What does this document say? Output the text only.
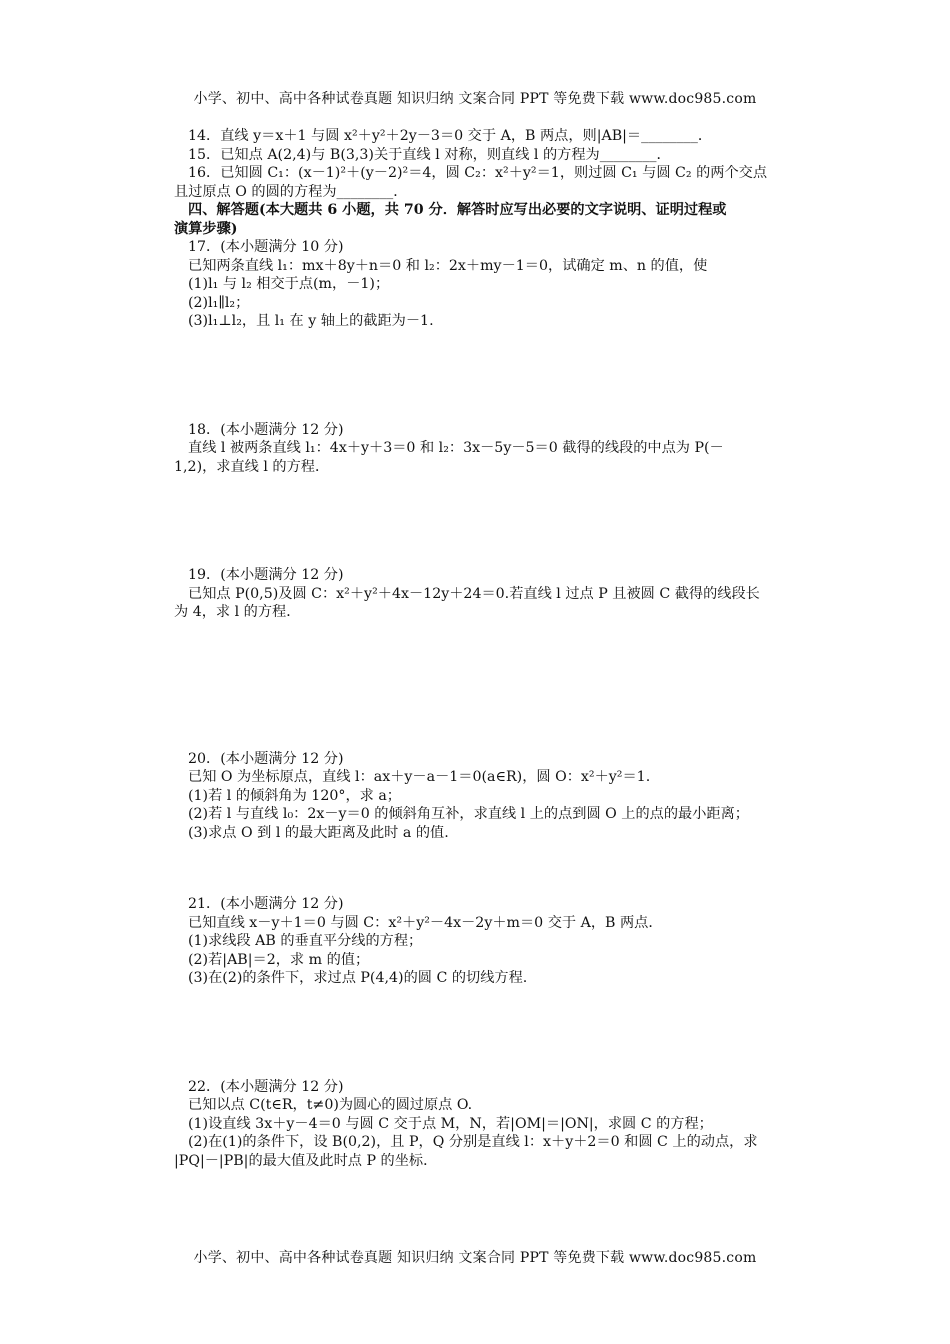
小学、初中、高中各种试卷真题 知识归纳 文案合同 PPT 等免费下载 www.doc985.com
14．直线 y＝x＋1 与圆 x²＋y²＋2y－3＝0 交于 A，B 两点，则|AB|＝________．
15．已知点 A(2,4)与 B(3,3)关于直线 l 对称，则直线 l 的方程为________．
16．已知圆 C₁：(x－1)²＋(y－2)²＝4，圆 C₂：x²＋y²＝1，则过圆 C₁ 与圆 C₂ 的两个交点
且过原点 O 的圆的方程为________．
四、解答题(本大题共 6 小题，共 70 分．解答时应写出必要的文字说明、证明过程或
演算步骤)
17．(本小题满分 10 分)
已知两条直线 l₁：mx＋8y＋n＝0 和 l₂：2x＋my－1＝0，试确定 m、n 的值，使
(1)l₁ 与 l₂ 相交于点(m，－1)；
(2)l₁∥l₂；
(3)l₁⊥l₂，且 l₁ 在 y 轴上的截距为－1.
18．(本小题满分 12 分)
直线 l 被两条直线 l₁：4x＋y＋3＝0 和 l₂：3x－5y－5＝0 截得的线段的中点为 P(－
1,2)，求直线 l 的方程．
19．(本小题满分 12 分)
已知点 P(0,5)及圆 C：x²＋y²＋4x－12y＋24＝0.若直线 l 过点 P 且被圆 C 截得的线段长
为 4，求 l 的方程．
20．(本小题满分 12 分)
已知 O 为坐标原点，直线 l：ax＋y－a－1＝0(a∈R)，圆 O：x²＋y²＝1.
(1)若 l 的倾斜角为 120°，求 a；
(2)若 l 与直线 l₀：2x－y＝0 的倾斜角互补，求直线 l 上的点到圆 O 上的点的最小距离；
(3)求点 O 到 l 的最大距离及此时 a 的值.
21．(本小题满分 12 分)
已知直线 x－y＋1＝0 与圆 C：x²＋y²－4x－2y＋m＝0 交于 A，B 两点．
(1)求线段 AB 的垂直平分线的方程；
(2)若|AB|＝2，求 m 的值；
(3)在(2)的条件下，求过点 P(4,4)的圆 C 的切线方程.
22．(本小题满分 12 分)
已知以点 C(t∈R，t≠0)为圆心的圆过原点 O.
(1)设直线 3x＋y－4＝0 与圆 C 交于点 M，N，若|OM|＝|ON|，求圆 C 的方程；
(2)在(1)的条件下，设 B(0,2)，且 P，Q 分别是直线 l：x＋y＋2＝0 和圆 C 上的动点，求
|PQ|－|PB|的最大值及此时点 P 的坐标．
小学、初中、高中各种试卷真题 知识归纳 文案合同 PPT 等免费下载 www.doc985.com
